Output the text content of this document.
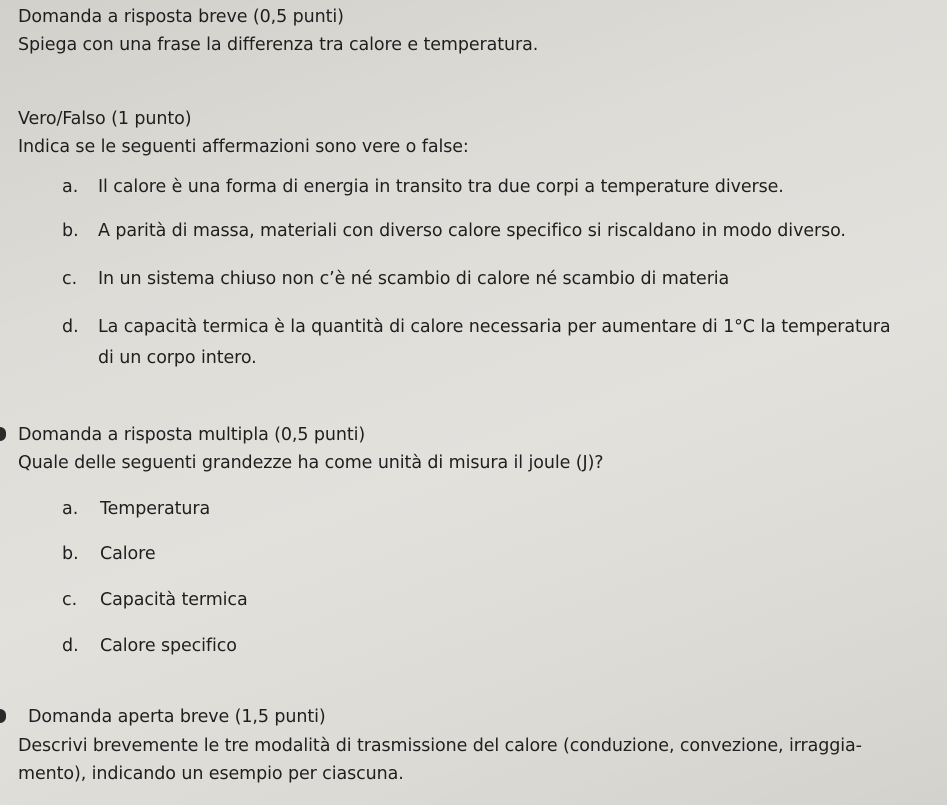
Domanda a risposta breve (0,5 punti)
Spiega con una frase la differenza tra calore e temperatura.
Vero/Falso (1 punto)
Indica se le seguenti affermazioni sono vere o false:
a. Il calore è una forma di energia in transito tra due corpi a temperature diverse.
b. A parità di massa, materiali con diverso calore specifico si riscaldano in modo diverso.
c. In un sistema chiuso non c’è né scambio di calore né scambio di materia
d. La capacità termica è la quantità di calore necessaria per aumentare di 1°C la temperatura
di un corpo intero.
Domanda a risposta multipla (0,5 punti)
Quale delle seguenti grandezze ha come unità di misura il joule (J)?
a. Temperatura
b. Calore
c. Capacità termica
d. Calore specifico
Domanda aperta breve (1,5 punti)
Descrivi brevemente le tre modalità di trasmissione del calore (conduzione, convezione, irraggia-
mento), indicando un esempio per ciascuna.
